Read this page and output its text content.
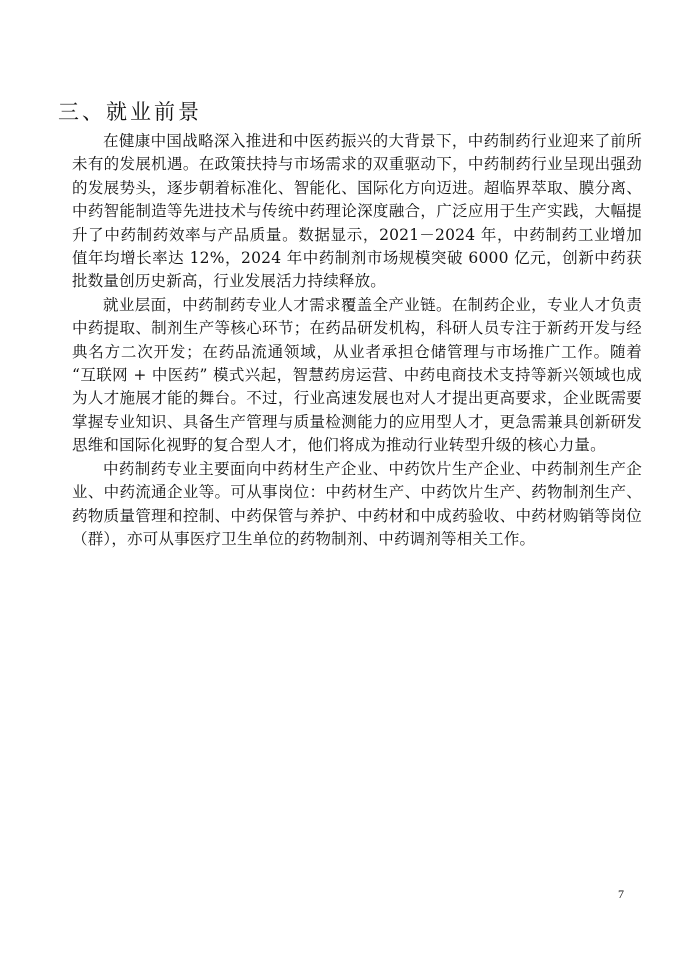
三、就业前景

在健康中国战略深入推进和中医药振兴的大背景下，中药制药行业迎来了前所未有的发展机遇。在政策扶持与市场需求的双重驱动下，中药制药行业呈现出强劲的发展势头，逐步朝着标准化、智能化、国际化方向迈进。超临界萃取、膜分离、中药智能制造等先进技术与传统中药理论深度融合，广泛应用于生产实践，大幅提升了中药制药效率与产品质量。数据显示，2021－2024 年，中药制药工业增加值年均增长率达 12%，2024 年中药制剂市场规模突破 6000 亿元，创新中药获批数量创历史新高，行业发展活力持续释放。

就业层面，中药制药专业人才需求覆盖全产业链。在制药企业，专业人才负责中药提取、制剂生产等核心环节；在药品研发机构，科研人员专注于新药开发与经典名方二次开发；在药品流通领域，从业者承担仓储管理与市场推广工作。随着 “互联网 + 中医药” 模式兴起，智慧药房运营、中药电商技术支持等新兴领域也成为人才施展才能的舞台。不过，行业高速发展也对人才提出更高要求，企业既需要掌握专业知识、具备生产管理与质量检测能力的应用型人才，更急需兼具创新研发思维和国际化视野的复合型人才，他们将成为推动行业转型升级的核心力量。

中药制药专业主要面向中药材生产企业、中药饮片生产企业、中药制剂生产企业、中药流通企业等。可从事岗位：中药材生产、中药饮片生产、药物制剂生产、药物质量管理和控制、中药保管与养护、中药材和中成药验收、中药材购销等岗位（群），亦可从事医疗卫生单位的药物制剂、中药调剂等相关工作。

7
